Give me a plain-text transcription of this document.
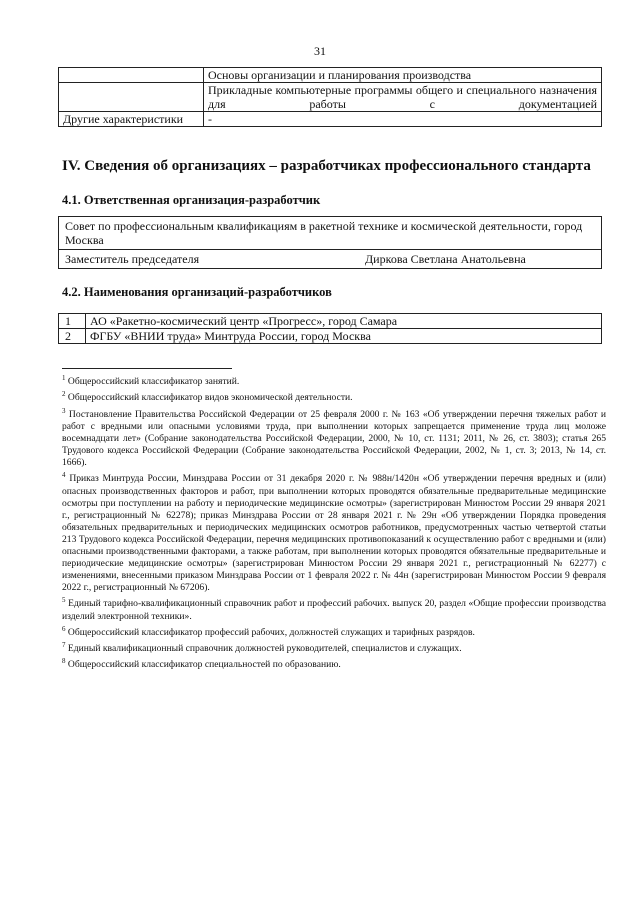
31
	Основы организации и планирования производства
	Прикладные компьютерные программы общего и специального назначения для работы с документацией
Другие характеристики	-
IV. Сведения об организациях – разработчиках профессионального стандарта
4.1. Ответственная организация-разработчик
Совет по профессиональным квалификациям в ракетной технике и космической деятельности, город Москва

Заместитель председателя	Диркова Светлана Анатольевна
4.2. Наименования организаций-разработчиков
1	АО «Ракетно-космический центр «Прогресс», город Самара
2	ФГБУ «ВНИИ труда» Минтруда России, город Москва

$^1$ Общероссийский классификатор занятий.

$^2$ Общероссийский классификатор видов экономической деятельности.

$^3$ Постановление Правительства Российской Федерации от 25 февраля 2000 г. № 163 «Об утверждении перечня тяжелых работ и работ с вредными или опасными условиями труда, при выполнении которых запрещается применение труда лиц моложе восемнадцати лет» (Собрание законодательства Российской Федерации, 2000, № 10, ст. 1131; 2011, № 26, ст. 3803); статья 265 Трудового кодекса Российской Федерации (Собрание законодательства Российской Федерации, 2002, № 1, ст. 3; 2013, № 14, ст. 1666).

$^4$ Приказ Минтруда России, Минздрава России от 31 декабря 2020 г. № 988н/1420н «Об утверждении перечня вредных и (или) опасных производственных факторов и работ, при выполнении которых проводятся обязательные предварительные медицинские осмотры при поступлении на работу и периодические медицинские осмотры» (зарегистрирован Минюстом России 29 января 2021 г., регистрационный № 62278); приказ Минздрава России от 28 января 2021 г. № 29н «Об утверждении Порядка проведения обязательных предварительных и периодических медицинских осмотров работников, предусмотренных частью четвертой статьи 213 Трудового кодекса Российской Федерации, перечня медицинских противопоказаний к осуществлению работ с вредными и (или) опасными производственными факторами, а также работам, при выполнении которых проводятся обязательные предварительные и периодические медицинские осмотры» (зарегистрирован Минюстом России 29 января 2021 г., регистрационный № 62277) с изменениями, внесенными приказом Минздрава России от 1 февраля 2022 г. № 44н (зарегистрирован Минюстом России 9 февраля 2022 г., регистрационный № 67206).

$^5$ Единый тарифно-квалификационный справочник работ и профессий рабочих. выпуск 20, раздел «Общие профессии производства изделий электронной техники».

$^6$ Общероссийский классификатор профессий рабочих, должностей служащих и тарифных разрядов.

$^7$ Единый квалификационный справочник должностей руководителей, специалистов и служащих.

$^8$ Общероссийский классификатор специальностей по образованию.
